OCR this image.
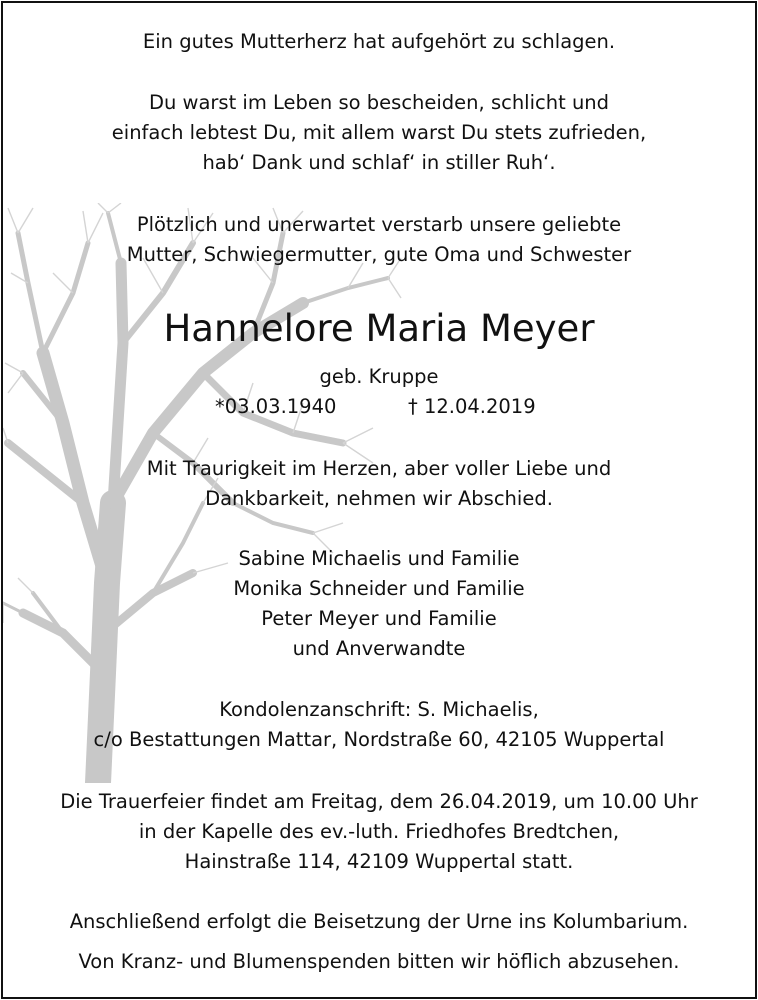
Ein gutes Mutterherz hat aufgehört zu schlagen.
Du warst im Leben so bescheiden, schlicht und
einfach lebtest Du, mit allem warst Du stets zufrieden,
hab‘ Dank und schlaf‘ in stiller Ruh‘.
Plötzlich und unerwartet verstarb unsere geliebte
Mutter, Schwiegermutter, gute Oma und Schwester
Hannelore Maria Meyer
geb. Kruppe
*03.03.1940	† 12.04.2019
Mit Traurigkeit im Herzen, aber voller Liebe und
Dankbarkeit, nehmen wir Abschied.
Sabine Michaelis und Familie
Monika Schneider und Familie
Peter Meyer und Familie
und Anverwandte
Kondolenzanschrift: S. Michaelis,
c/o Bestattungen Mattar, Nordstraße 60, 42105 Wuppertal
Die Trauerfeier findet am Freitag, dem 26.04.2019, um 10.00 Uhr
in der Kapelle des ev.-luth. Friedhofes Bredtchen,
Hainstraße 114, 42109 Wuppertal statt.
Anschließend erfolgt die Beisetzung der Urne ins Kolumbarium.
Von Kranz- und Blumenspenden bitten wir höflich abzusehen.
